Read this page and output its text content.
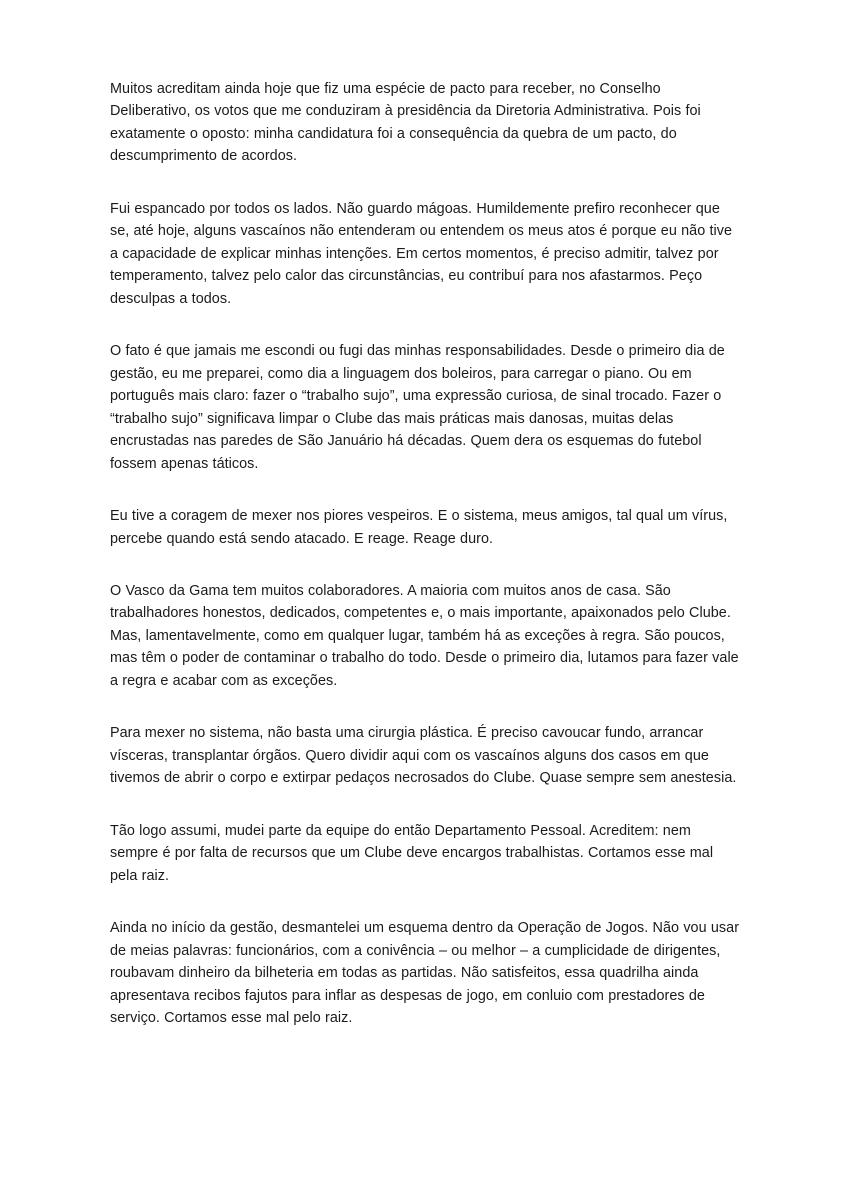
Muitos acreditam ainda hoje que fiz uma espécie de pacto para receber, no Conselho Deliberativo, os votos que me conduziram à presidência da Diretoria Administrativa. Pois foi exatamente o oposto: minha candidatura foi a consequência da quebra de um pacto, do descumprimento de acordos.

Fui espancado por todos os lados. Não guardo mágoas. Humildemente prefiro reconhecer que se, até hoje, alguns vascaínos não entenderam ou entendem os meus atos é porque eu não tive a capacidade de explicar minhas intenções. Em certos momentos, é preciso admitir, talvez por temperamento, talvez pelo calor das circunstâncias, eu contribuí para nos afastarmos. Peço desculpas a todos.

O fato é que jamais me escondi ou fugi das minhas responsabilidades. Desde o primeiro dia de gestão, eu me preparei, como dia a linguagem dos boleiros, para carregar o piano. Ou em português mais claro: fazer o “trabalho sujo”, uma expressão curiosa, de sinal trocado. Fazer o “trabalho sujo” significava limpar o Clube das mais práticas mais danosas, muitas delas encrustadas nas paredes de São Januário há décadas. Quem dera os esquemas do futebol fossem apenas táticos.

Eu tive a coragem de mexer nos piores vespeiros. E o sistema, meus amigos, tal qual um vírus, percebe quando está sendo atacado. E reage. Reage duro.

O Vasco da Gama tem muitos colaboradores. A maioria com muitos anos de casa. São trabalhadores honestos, dedicados, competentes e, o mais importante, apaixonados pelo Clube. Mas, lamentavelmente, como em qualquer lugar, também há as exceções à regra. São poucos, mas têm o poder de contaminar o trabalho do todo. Desde o primeiro dia, lutamos para fazer vale a regra e acabar com as exceções.

Para mexer no sistema, não basta uma cirurgia plástica. É preciso cavoucar fundo, arrancar vísceras, transplantar órgãos. Quero dividir aqui com os vascaínos alguns dos casos em que tivemos de abrir o corpo e extirpar pedaços necrosados do Clube. Quase sempre sem anestesia.

Tão logo assumi, mudei parte da equipe do então Departamento Pessoal. Acreditem: nem sempre é por falta de recursos que um Clube deve encargos trabalhistas. Cortamos esse mal pela raiz.

Ainda no início da gestão, desmantelei um esquema dentro da Operação de Jogos. Não vou usar de meias palavras: funcionários, com a conivência – ou melhor – a cumplicidade de dirigentes, roubavam dinheiro da bilheteria em todas as partidas. Não satisfeitos, essa quadrilha ainda apresentava recibos fajutos para inflar as despesas de jogo, em conluio com prestadores de serviço. Cortamos esse mal pelo raiz.
